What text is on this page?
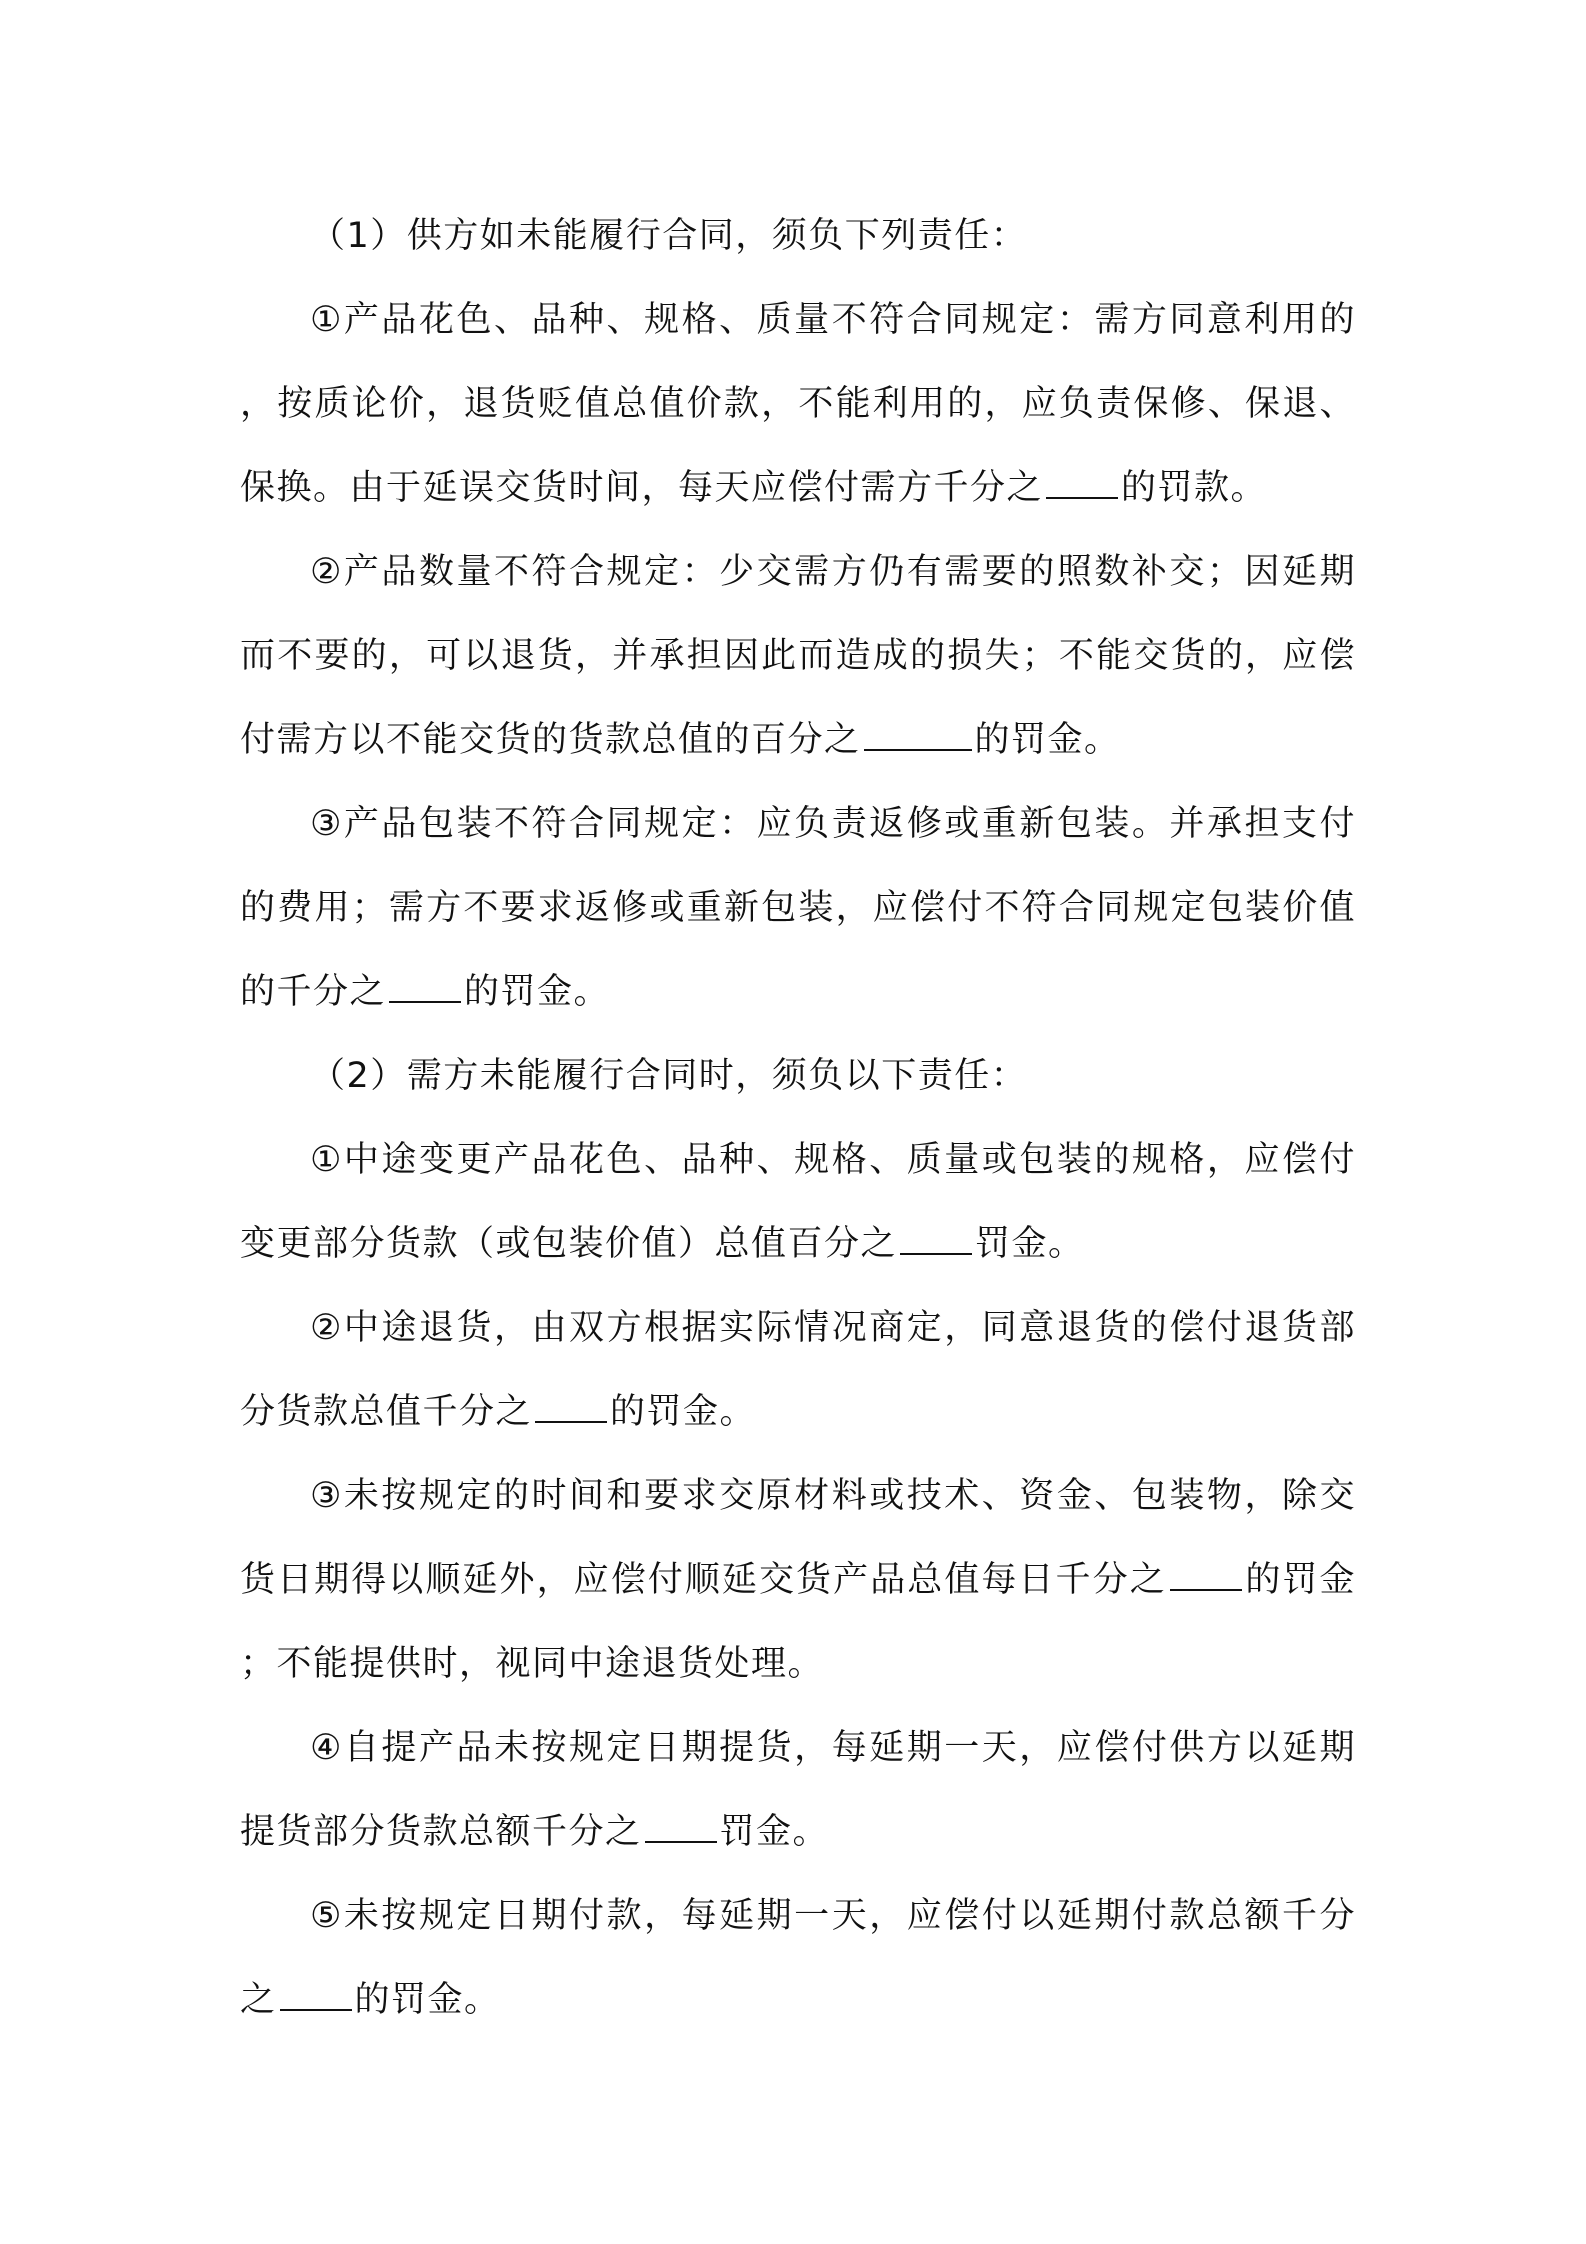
（1）供方如未能履行合同，须负下列责任：

①产品花色、品种、规格、质量不符合同规定：需方同意利用的，按质论价，退货贬值总值价款，不能利用的，应负责保修、保退、保换。由于延误交货时间，每天应偿付需方千分之 的罚款。

②产品数量不符合规定：少交需方仍有需要的照数补交；因延期而不要的，可以退货，并承担因此而造成的损失；不能交货的，应偿付需方以不能交货的货款总值的百分之	的罚金。

③产品包装不符合同规定：应负责返修或重新包装。并承担支付的费用；需方不要求返修或重新包装，应偿付不符合同规定包装价值的千分之 的罚金。

（2）需方未能履行合同时，须负以下责任：

①中途变更产品花色、品种、规格、质量或包装的规格，应偿付变更部分货款（或包装价值）总值百分之 罚金。

②中途退货，由双方根据实际情况商定，同意退货的偿付退货部分货款总值千分之 的罚金。

③未按规定的时间和要求交原材料或技术、资金、包装物，除交货日期得以顺延外，应偿付顺延交货产品总值每日千分之 的罚金；不能提供时，视同中途退货处理。

④自提产品未按规定日期提货，每延期一天，应偿付供方以延期提货部分货款总额千分之 罚金。

⑤未按规定日期付款，每延期一天，应偿付以延期付款总额千分之 的罚金。
